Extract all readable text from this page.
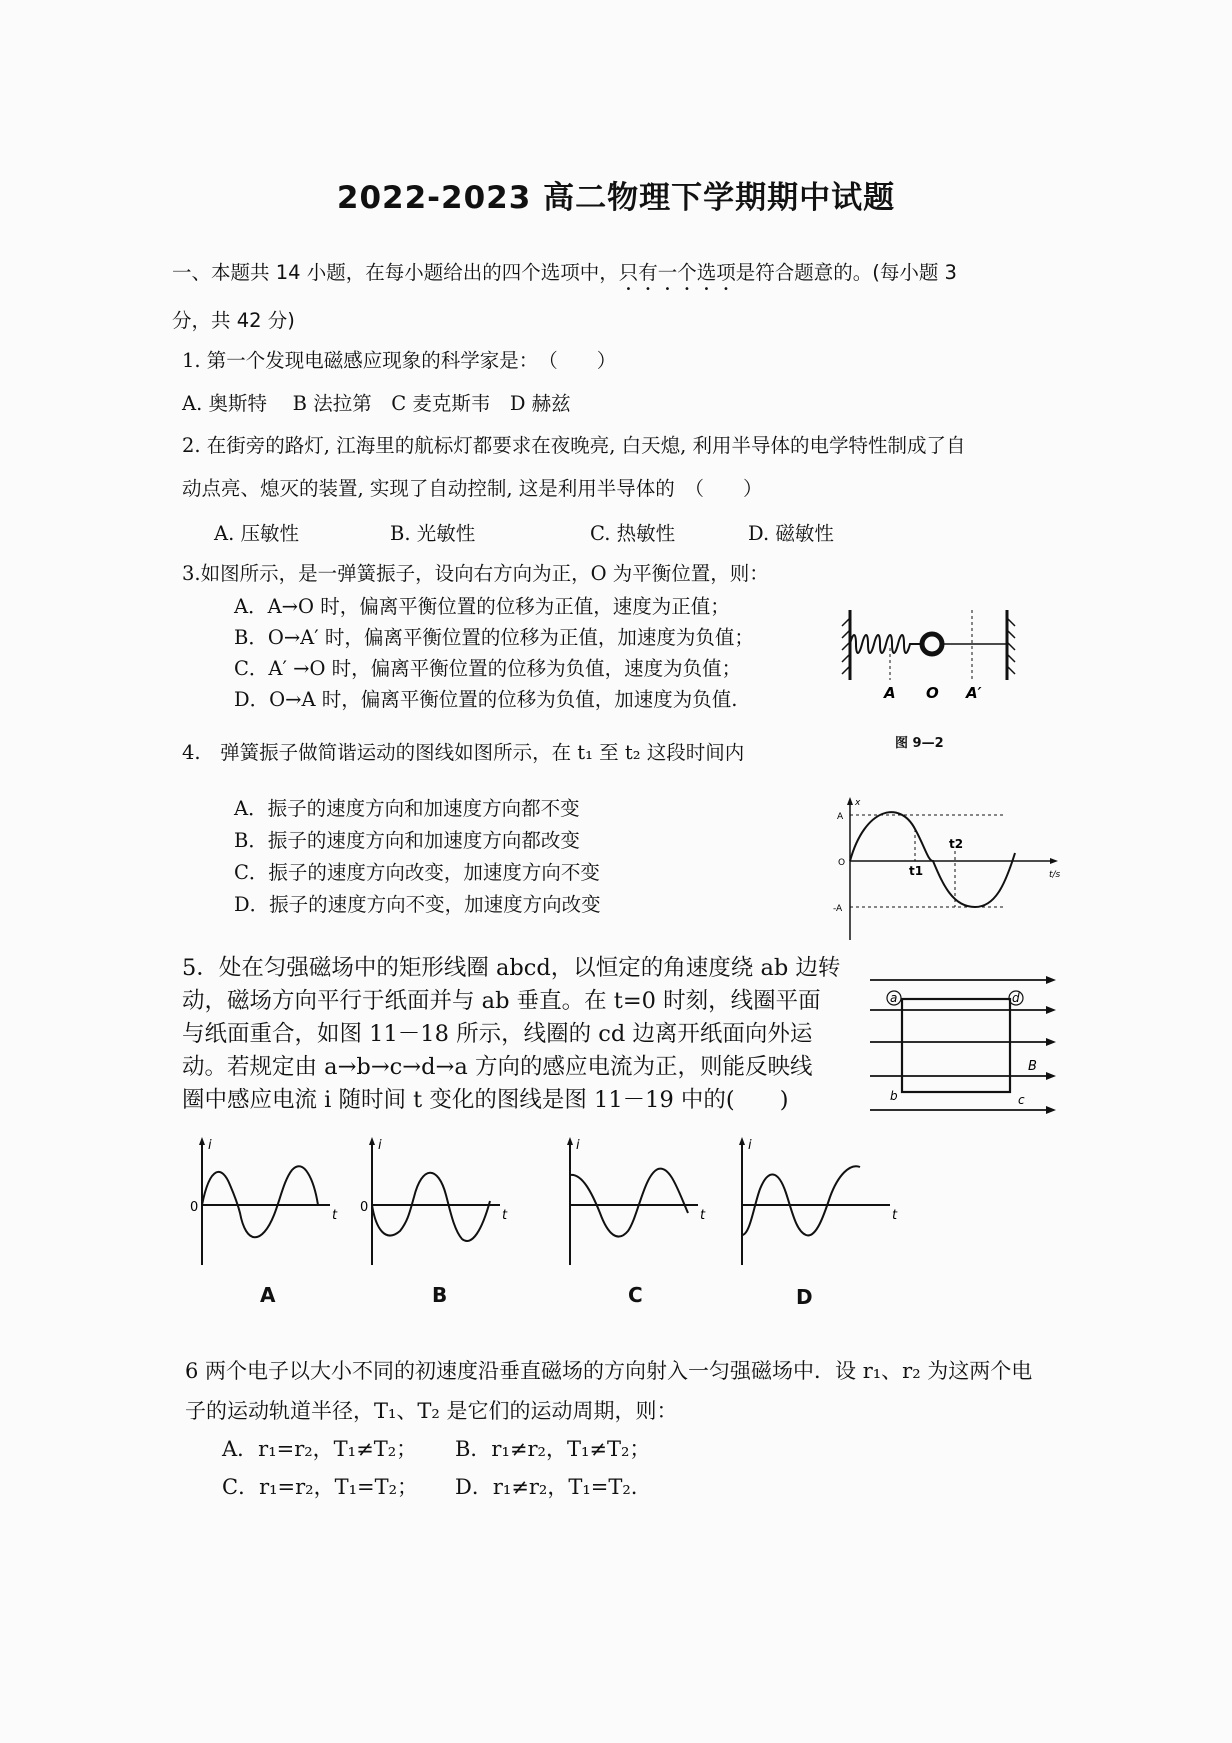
2022-2023 高二物理下学期期中试题
一、本题共 14 小题，在每小题给出的四个选项中，只有一个选项是符合题意的。(每小题 3
分，共 42 分)
1. 第一个发现电磁感应现象的科学家是：　（　　）
A. 奥斯特　 B 法拉第　C 麦克斯韦　D 赫兹
2. 在街旁的路灯, 江海里的航标灯都要求在夜晚亮, 白天熄, 利用半导体的电学特性制成了自
动点亮、熄灭的装置, 实现了自动控制, 这是利用半导体的　（　　）
A. 压敏性	B. 光敏性	C. 热敏性	D. 磁敏性
3.如图所示，是一弹簧振子，设向右方向为正，O 为平衡位置，则：
A．A→O 时，偏离平衡位置的位移为正值，速度为正值；
B．O→A′ 时，偏离平衡位置的位移为正值，加速度为负值；
C．A′ →O 时，偏离平衡位置的位移为负值，速度为负值；
D．O→A 时，偏离平衡位置的位移为负值，加速度为负值.	A O A′
图 9—2
4.　弹簧振子做简谐运动的图线如图所示，在 t₁ 至 t₂ 这段时间内
A．振子的速度方向和加速度方向都不变
B．振子的速度方向和加速度方向都改变
C．振子的速度方向改变，加速度方向不变
D．振子的速度方向不变，加速度方向改变
x
t/s
A
-A
O
t1
t2
5．处在匀强磁场中的矩形线圈 abcd，以恒定的角速度绕 ab 边转
动，磁场方向平行于纸面并与 ab 垂直。在 t=0 时刻，线圈平面
与纸面重合，如图 11－18 所示，线圈的 cd 边离开纸面向外运
动。若规定由 a→b→c→d→a 方向的感应电流为正，则能反映线
圈中感应电流 i 随时间 t 变化的图线是图 11－19 中的(　　)
a	d
b	c
B
i
0
t
i
0
t
i
t
i
t
A	B	C	D
6 两个电子以大小不同的初速度沿垂直磁场的方向射入一匀强磁场中．设 r₁、r₂ 为这两个电
子的运动轨道半径，T₁、T₂ 是它们的运动周期，则：
A．r₁=r₂，T₁≠T₂； B．r₁≠r₂，T₁≠T₂；
C．r₁=r₂，T₁=T₂； D．r₁≠r₂，T₁=T₂.
